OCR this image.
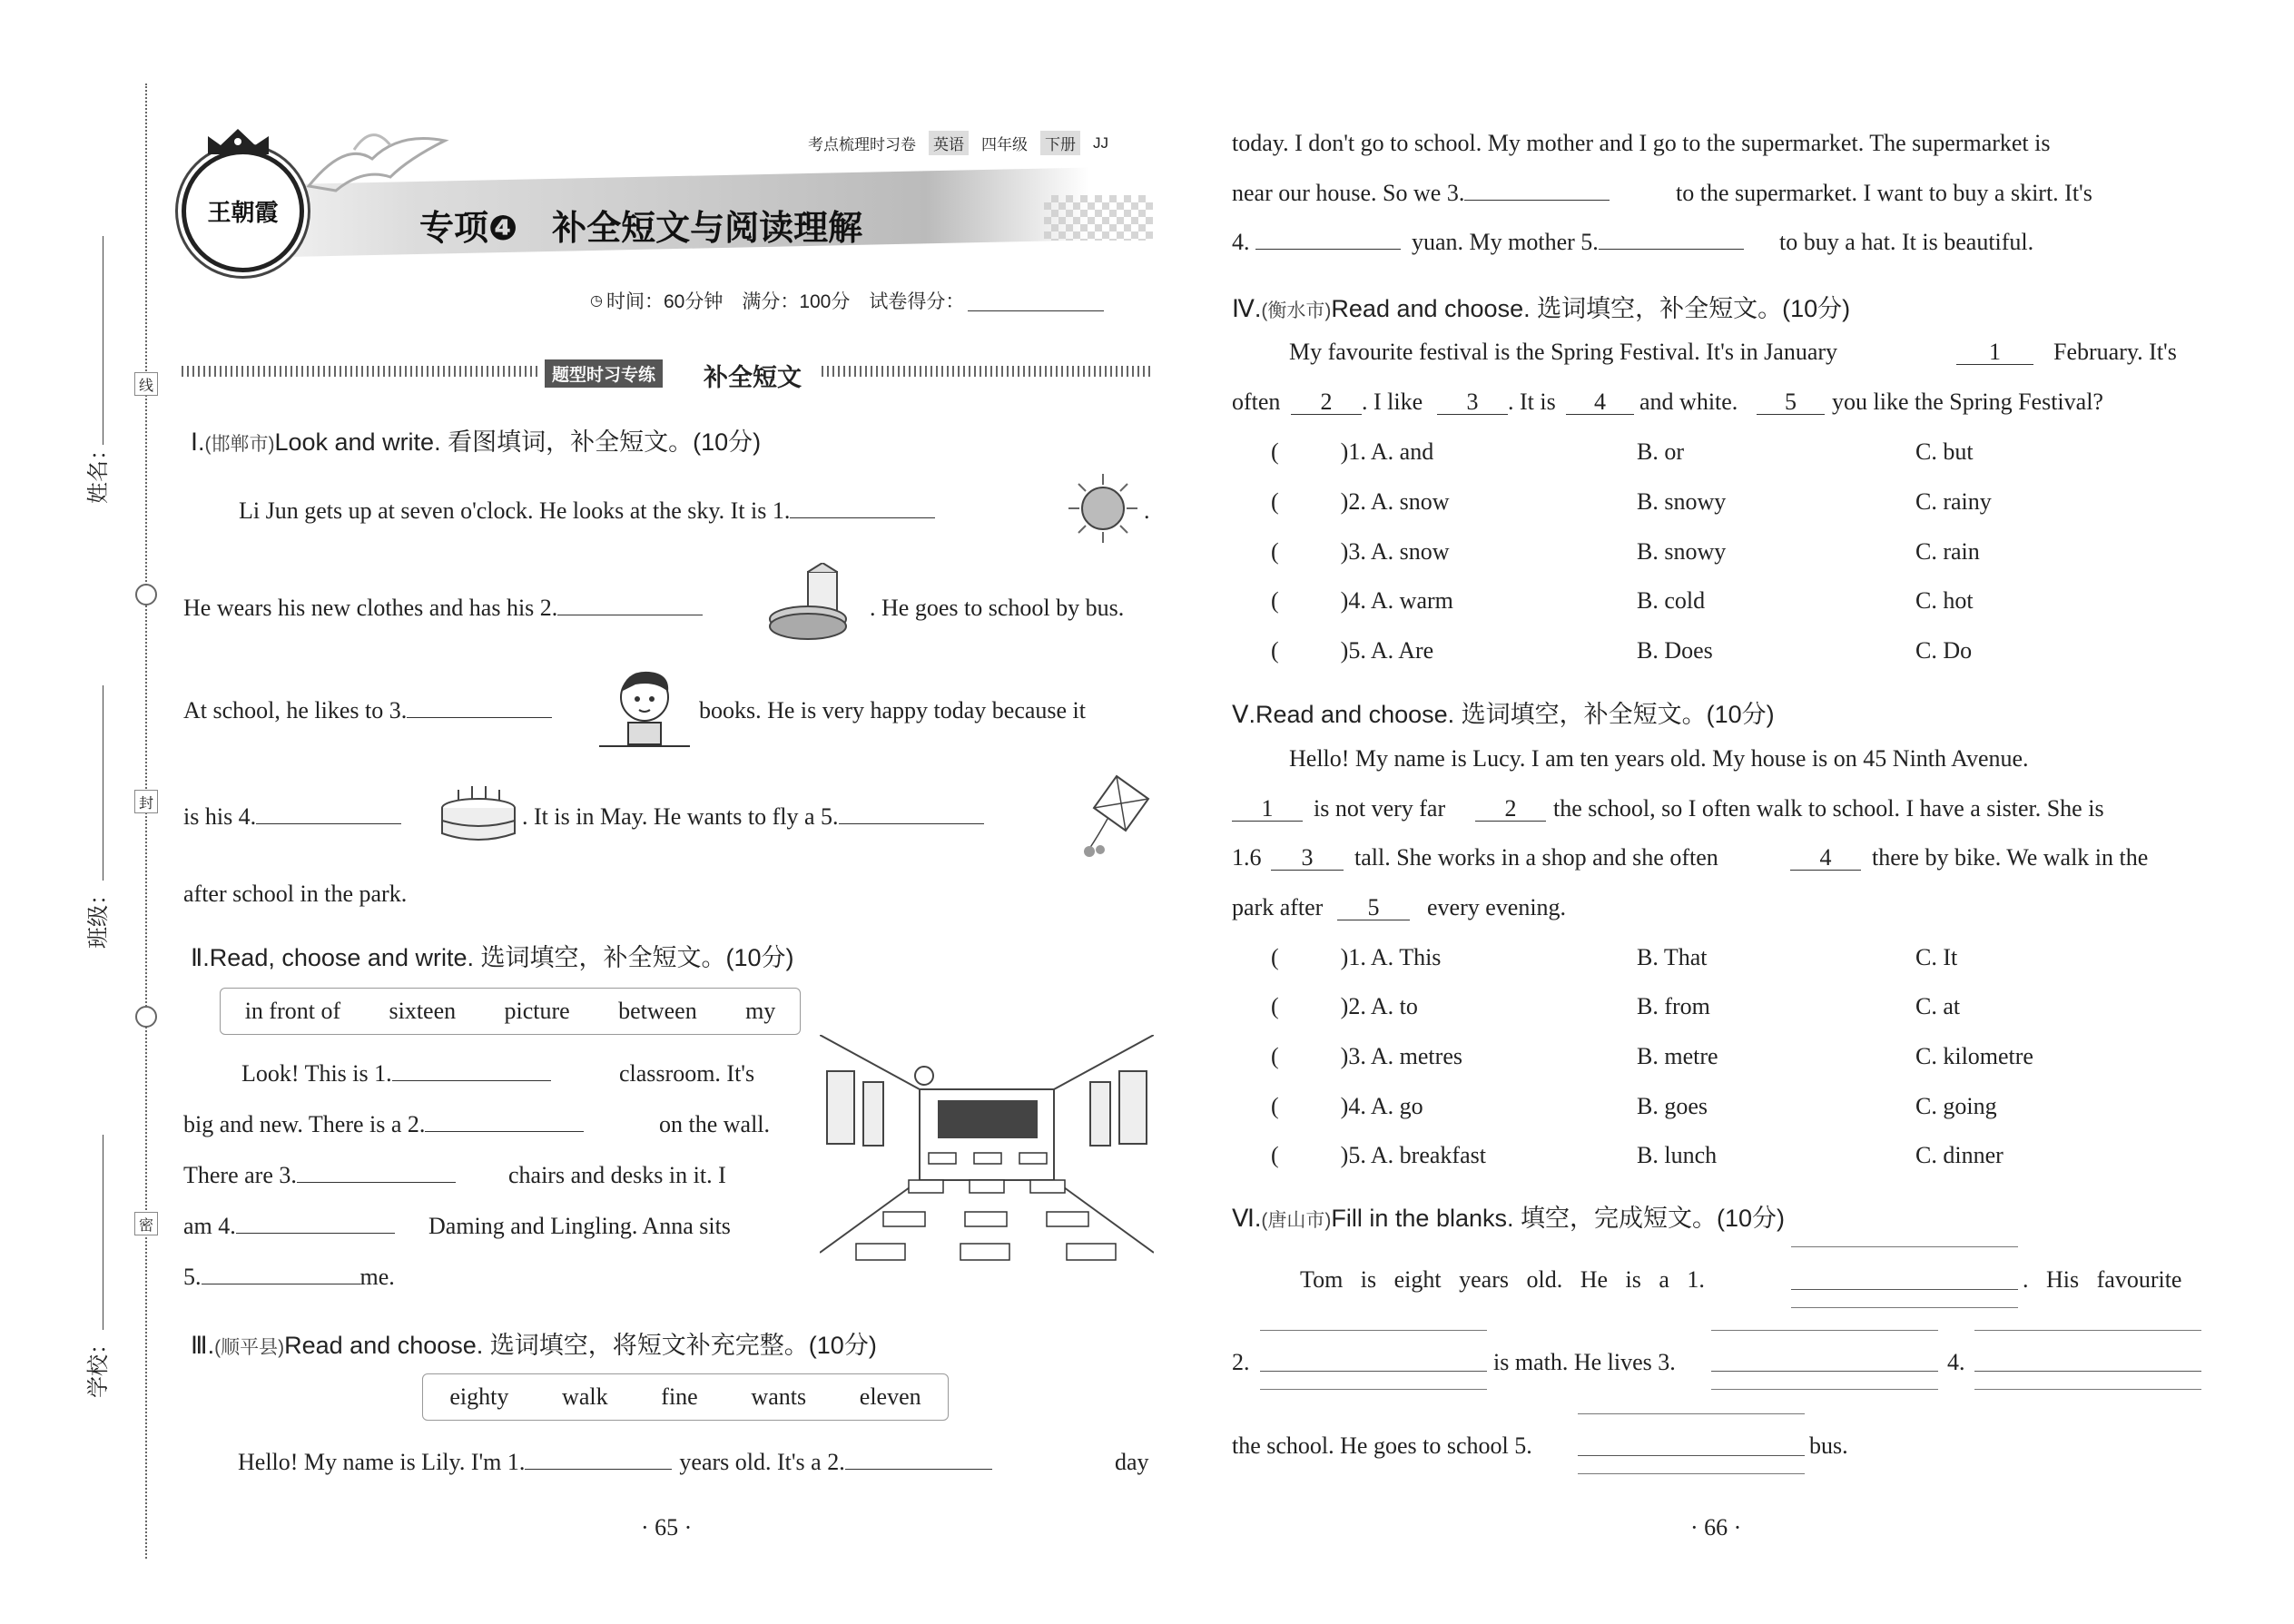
线
封
密
姓名：
班级：
学校：
王朝霞
考点梳理时习卷 英语 四年级 下册 JJ
专项❹　补全短文与阅读理解
◷ 时间：60分钟　满分：100分　试卷得分：
题型时习专练 补全短文
Ⅰ.(邯郸市)Look and write. 看图填词，补全短文。(10分)
Li Jun gets up at seven o'clock. He looks at the sky. It is 1.	.
He wears his new clothes and has his 2.	. He goes to school by bus.
At school, he likes to 3.	books. He is very happy today because it
is his 4.	. It is in May. He wants to fly a 5.
after school in the park.
Ⅱ.Read, choose and write. 选词填空，补全短文。(10分)
in front of sixteen picture between my
Look! This is 1.	classroom. It's
big and new. There is a 2.	on the wall.
There are 3.	chairs and desks in it. I
am 4.	Daming and Lingling. Anna sits
5.	me.
Ⅲ.(顺平县)Read and choose. 选词填空，将短文补充完整。(10分)
eighty walk fine wants eleven
Hello! My name is Lily. I'm 1.	years old. It's a 2.	day
· 65 ·
today. I don't go to school. My mother and I go to the supermarket. The supermarket is
near our house. So we 3.	to the supermarket. I want to buy a skirt. It's
4.	yuan. My mother 5.	to buy a hat. It is beautiful.
Ⅳ.(衡水市)Read and choose. 选词填空，补全短文。(10分)
My favourite festival is the Spring Festival. It's in January	1	February. It's
often	2	. I like	3	. It is	4	and white.	5	you like the Spring Festival?
(	)1. A. and	B. or	C. but
(	)2. A. snow	B. snowy	C. rainy
(	)3. A. snow	B. snowy	C. rain
(	)4. A. warm	B. cold	C. hot
(	)5. A. Are	B. Does	C. Do
Ⅴ.Read and choose. 选词填空，补全短文。(10分)
Hello! My name is Lucy. I am ten years old. My house is on 45 Ninth Avenue.
1	is not very far	2	the school, so I often walk to school. I have a sister. She is
1.6	3	tall. She works in a shop and she often	4	there by bike. We walk in the
park after	5	every evening.
(	)1. A. This	B. That	C. It
(	)2. A. to	B. from	C. at
(	)3. A. metres	B. metre	C. kilometre
(	)4. A. go	B. goes	C. going
(	)5. A. breakfast	B. lunch	C. dinner
Ⅵ.(唐山市)Fill in the blanks. 填空，完成短文。(10分)
Tom   is   eight   years   old.   He   is   a   1.	.   His   favourite
2.	is math. He lives 3.	4.
the school. He goes to school 5.	bus.
· 66 ·
